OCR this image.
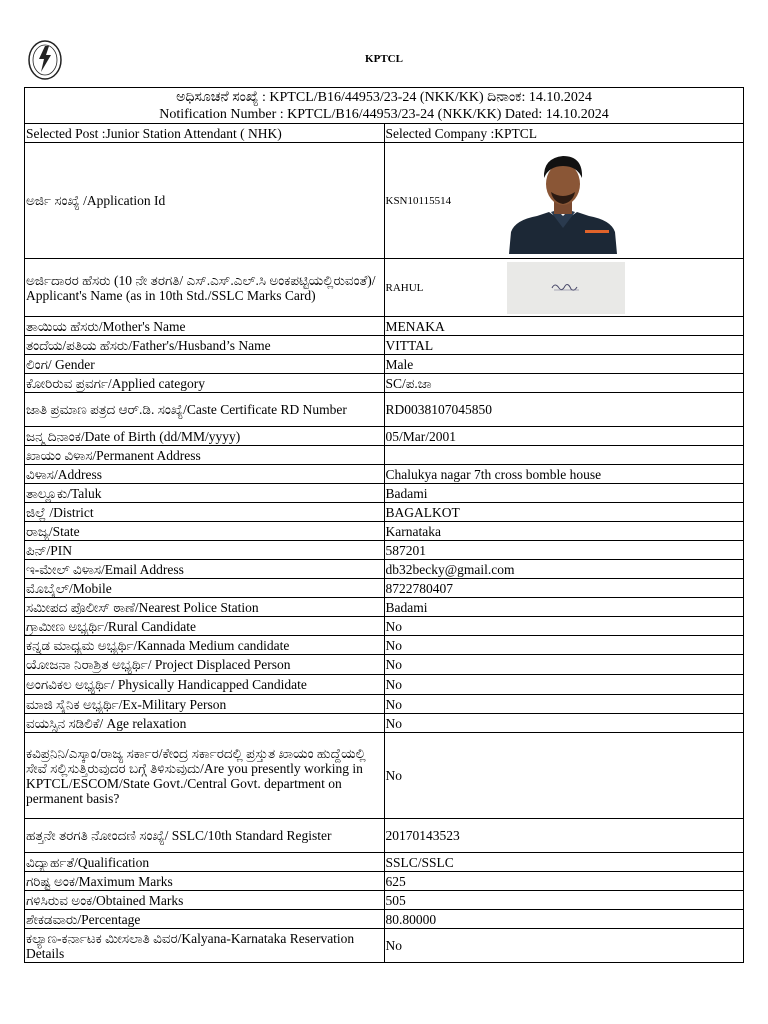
KPTCL
ಅಧಿಸೂಚನೆ ಸಂಖ್ಯೆ : KPTCL/B16/44953/23-24 (NKK/KK) ದಿನಾಂಕ: 14.10.2024
Notification Number : KPTCL/B16/44953/23-24 (NKK/KK) Dated: 14.10.2024	

Selected Post :Junior Station Attendant ( NHK)	Selected Company :KPTCL
ಅರ್ಜಿ ಸಂಖ್ಯೆ /Application Id	KSN10115514

ಅರ್ಜಿದಾರರ ಹೆಸರು (10 ನೇ ತರಗತಿ/ ಎಸ್.ಎಸ್.ಎಲ್.ಸಿ ಅಂಕಪಟ್ಟಿಯಲ್ಲಿರುವಂತೆ)/ Applicant's Name (as in 10th Std./SSLC Marks Card)	RAHUL

ತಾಯಿಯ ಹೆಸರು/Mother's Name	MENAKA
ತಂದೆಯ/ಪತಿಯ ಹೆಸರು/Father's/Husband’s Name	VITTAL
ಲಿಂಗ/ Gender	Male
ಕೋರಿರುವ ಪ್ರವರ್ಗ/Applied category	SC/ಪ.ಜಾ
ಜಾತಿ ಪ್ರಮಾಣ ಪತ್ರದ ಆರ್.ಡಿ. ಸಂಖ್ಯೆ/Caste Certificate RD Number	RD0038107045850
ಜನ್ಮ ದಿನಾಂಕ/Date of Birth (dd/MM/yyyy)	05/Mar/2001
ಖಾಯಂ ವಿಳಾಸ/Permanent Address	
ವಿಳಾಸ/Address	Chalukya nagar 7th cross bomble house
ತಾಲ್ಲೂಕು/Taluk	Badami
ಜಿಲ್ಲೆ /District	BAGALKOT
ರಾಜ್ಯ/State	Karnataka
ಪಿನ್/PIN	587201
ಇ-ಮೇಲ್ ವಿಳಾಸ/Email Address	db32becky@gmail.com
ಮೊಬೈಲ್/Mobile	8722780407
ಸಮೀಪದ ಪೊಲೀಸ್ ಠಾಣೆ/Nearest Police Station	Badami
ಗ್ರಾಮೀಣ ಅಭ್ಯರ್ಥಿ/Rural Candidate	No
ಕನ್ನಡ ಮಾಧ್ಯಮ ಅಭ್ಯರ್ಥಿ/Kannada Medium candidate	No
ಯೋಜನಾ ನಿರಾಶ್ರಿತ ಅಭ್ಯರ್ಥಿ/ Project Displaced Person	No
ಅಂಗವಿಕಲ ಅಭ್ಯರ್ಥಿ/ Physically Handicapped Candidate	No
ಮಾಜಿ ಸೈನಿಕ ಅಭ್ಯರ್ಥಿ/Ex-Military Person	No
ವಯಸ್ಸಿನ ಸಡಿಲಿಕೆ/ Age relaxation	No
ಕವಿಪ್ರನಿನಿ/ಎಸ್ಕಾಂ/ರಾಜ್ಯ ಸರ್ಕಾರ/ಕೇಂದ್ರ ಸರ್ಕಾರದಲ್ಲಿ ಪ್ರಸ್ತುತ ಖಾಯಂ ಹುದ್ದೆಯಲ್ಲಿ ಸೇವೆ ಸಲ್ಲಿಸುತ್ತಿರುವುದರ ಬಗ್ಗೆ ತಿಳಿಸುವುದು/Are you presently working in KPTCL/ESCOM/State Govt./Central Govt. department on permanent basis?	No
ಹತ್ತನೇ ತರಗತಿ ನೋಂದಣಿ ಸಂಖ್ಯೆ/ SSLC/10th Standard Register	20170143523
ವಿದ್ಯಾರ್ಹತೆ/Qualification	SSLC/SSLC
ಗರಿಷ್ಟ ಅಂಕ/Maximum Marks	625
ಗಳಿಸಿರುವ ಅಂಕ/Obtained Marks	505
ಶೇಕಡವಾರು/Percentage	80.80000
ಕಲ್ಯಾಣ-ಕರ್ನಾಟಕ ಮೀಸಲಾತಿ ವಿವರ/Kalyana-Karnataka Reservation Details	No
